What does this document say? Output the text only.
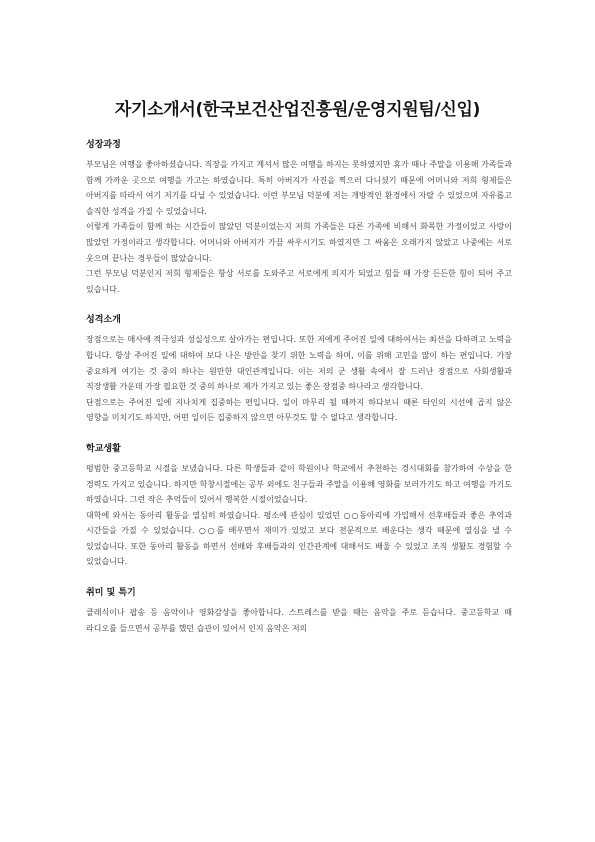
자기소개서(한국보건산업진흥원/운영지원팀/신입)
성장과정

부모님은 여행을 좋아하셨습니다. 직장을 가지고 계셔서 많은 여행을 하지는 못하였지만 휴가 때나 주말을 이용해 가족들과 함께 가까운 곳으로 여행을 가고는 하였습니다. 특히 아버지가 사진을 찍으러 다니셨기 때문에 어머니와 저희 형제들은 아버지를 따라서 여기 저기를 다닐 수 있었습니다. 이런 부모님 덕분에 저는 개방적인 환경에서 자랄 수 있었으며 자유롭고 솔직한 성격을 가질 수 있었습니다.

이렇게 가족들이 함께 하는 시간들이 많았던 덕분이었는지 저희 가족들은 다른 가족에 비해서 화목한 가정이었고 사랑이 많았던 가정이라고 생각합니다. 어머니와 아버지가 가끔 싸우시기도 하였지만 그 싸움은 오래가지 않았고 나중에는 서로 웃으며 끝나는 경우들이 많았습니다.

그런 부모님 덕분인지 저희 형제들은 항상 서로를 도와주고 서로에게 의지가 되었고 힘들 때 가장 든든한 힘이 되어 주고 있습니다.

성격소개

장점으로는 매사에 적극성과 성실성으로 살아가는 편입니다. 또한 저에게 주어진 일에 대하여서는 최선을 다하려고 노력을 합니다. 항상 주어진 일에 대하여 보다 나은 방안을 찾기 위한 노력을 하며, 이를 위해 고민을 많이 하는 편입니다. 가장 중요하게 여기는 것 중의 하나는 원만한 대인관계입니다. 이는 저의 군 생활 속에서 잘 드러난 장점으로 사회생활과 직장생활 가운데 가장 필요한 것 중의 하나로 제가 가지고 있는 좋은 장점중 하나라고 생각합니다.

단점으로는 주어진 일에 지나치게 집중하는 편입니다. 일이 마무리 될 때까지 하다보니 때론 타인의 시선에 곱지 않은 영향을 미치기도 하지만, 어떤 일이든 집중하지 않으면 아무것도 할 수 없다고 생각합니다.

학교생활

평범한 중고등학교 시절을 보냈습니다. 다른 학생들과 같이 학원이나 학교에서 추천하는 경시대회를 참가하여 수상을 한 경력도 가지고 있습니다. 하지만 학창시절에는 공부 외에도 친구들과 주말을 이용해 영화를 보러가기도 하고 여행을 가기도 하였습니다. 그런 작은 추억들이 있어서 행복한 시절이었습니다.

대학에 와서는 동아리 활동을 열심히 하였습니다. 평소에 관심이 있었던 ○○동아리에 가입해서 선후배들과 좋은 추억과 시간들을 가질 수 있었습니다. ○○를 배우면서 재미가 있었고 보다 전문적으로 배운다는 생각 때문에 열심을 낼 수 있었습니다. 또한 동아리 활동을 하면서 선배와 후배들과의 인간관계에 대해서도 배울 수 있었고 조직 생활도 경험할 수 있었습니다.

취미 및 특기

클래식이나 팝송 등 음악이나 영화감상을 좋아합니다. 스트레스를 받을 때는 음악을 주로 듣습니다. 중고등학교 때 라디오를 들으면서 공부를 했던 습관이 있어서 인지 음악은 저의
